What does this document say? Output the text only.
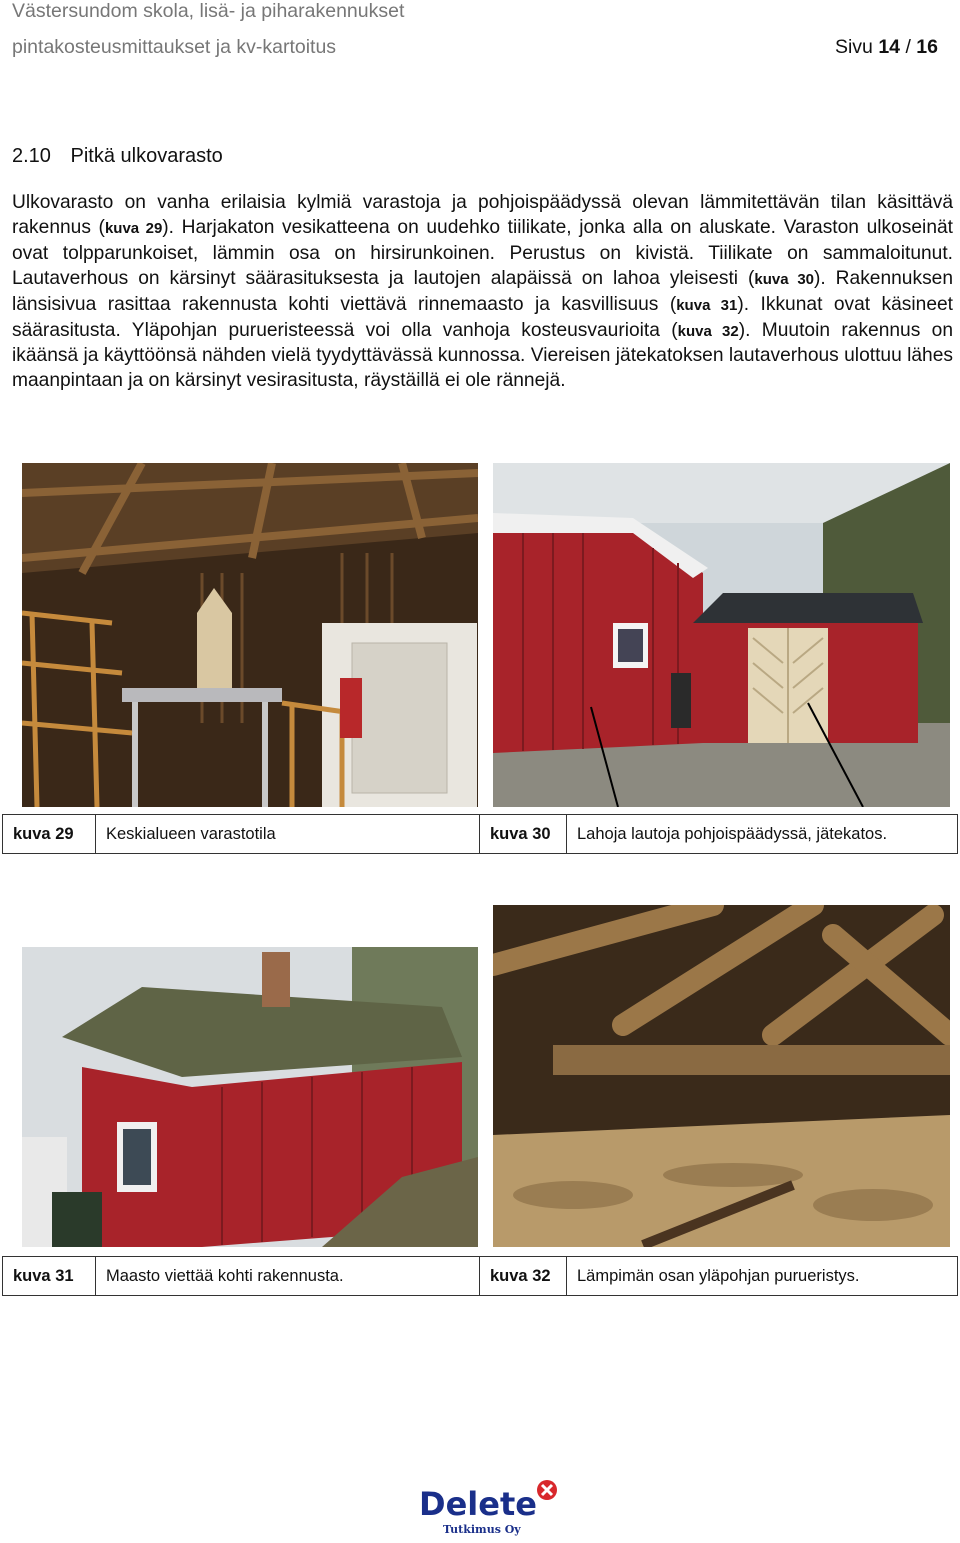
Västersundom skola, lisä- ja piharakennukset
pintakosteusmittaukset ja kv-kartoitus	Sivu 14 / 16
2.10 Pitkä ulkovarasto
Ulkovarasto on vanha erilaisia kylmiä varastoja ja pohjoispäädyssä olevan lämmitettävän tilan käsittävä rakennus (kuva 29). Harjakaton vesikatteena on uudehko tiilikate, jonka alla on aluskate. Varaston ulkoseinät ovat tolpparunkoiset, lämmin osa on hirsirunkoinen. Perustus on kivistä. Tiilikate on sammaloitunut. Lautaverhous on kärsinyt säärasituksesta ja lautojen alapäissä on lahoa yleisesti (kuva 30). Rakennuksen länsisivua rasittaa rakennusta kohti viettävä rinnemaasto ja kasvillisuus (kuva 31). Ikkunat ovat käsineet säärasitusta. Yläpohjan purueristeessä voi olla vanhoja kosteusvaurioita (kuva 32). Muutoin rakennus on ikäänsä ja käyttöönsä nähden vielä tyydyttävässä kunnossa. Viereisen jätekatoksen lautaverhous ulottuu lähes maanpintaan ja on kärsinyt vesirasitusta, räystäillä ei ole rännejä.
kuva 29	Keskialueen varastotila	kuva 30	Lahoja lautoja pohjoispäädyssä, jätekatos.
kuva 31	Maasto viettää kohti rakennusta.	kuva 32	Lämpimän osan yläpohjan purueristys.
Delete
Tutkimus Oy
